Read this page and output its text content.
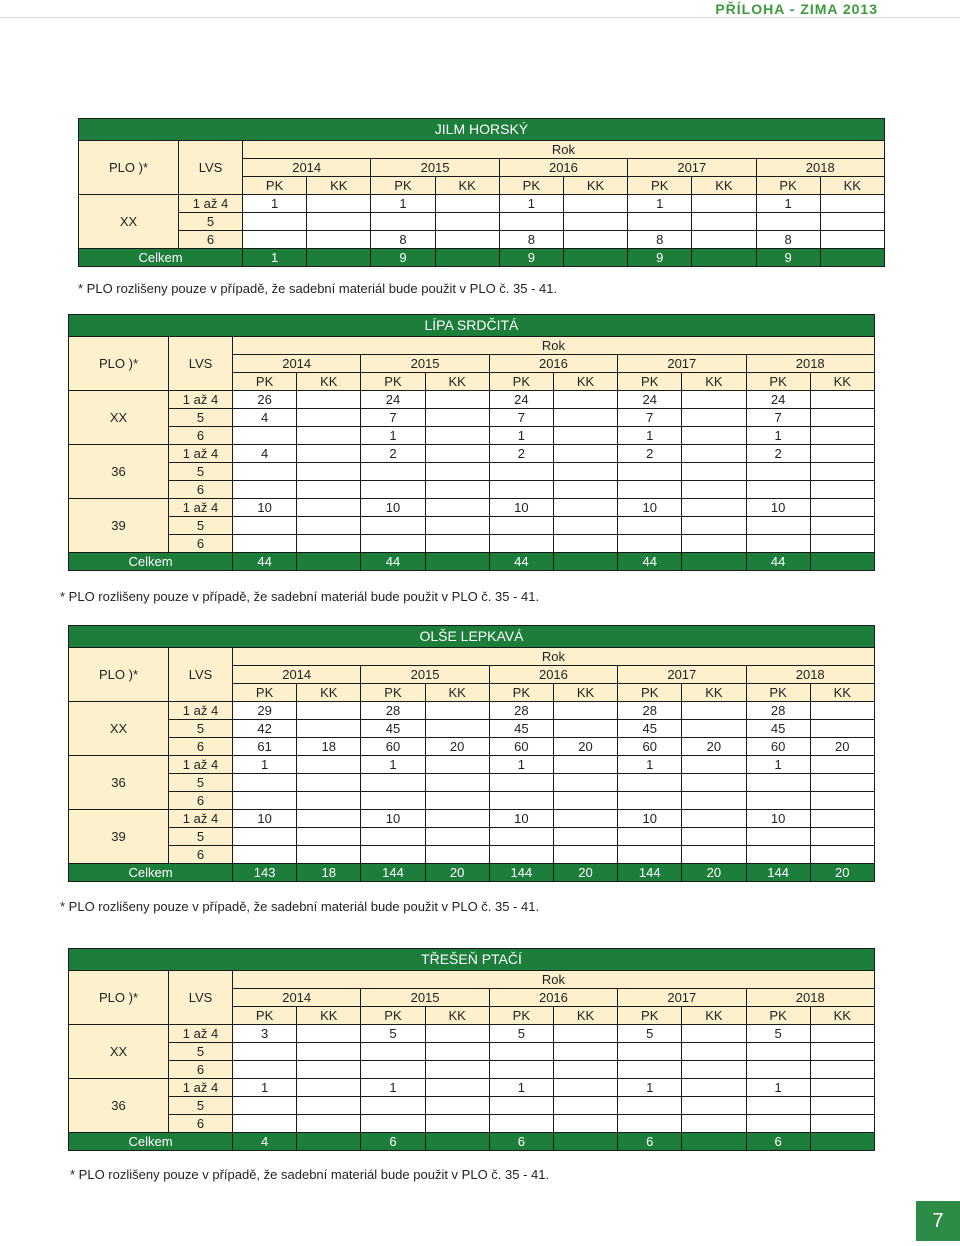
PŘÍLOHA - ZIMA 2013
JILM HORSKÝ											
PLO )*	LVS	Rok									
		2014		2015		2016		2017		2018	
		PK	KK	PK	KK	PK	KK	PK	KK	PK	KK
XX	1 až 4	1		1		1		1		1	
	5										
	6			8		8		8		8	
Celkem		1		9		9		9		9	
* PLO rozlišeny pouze v případě, že sadební materiál bude použit v PLO č. 35 - 41.
LÍPA SRDČITÁ											
PLO )*	LVS	Rok									
		2014		2015		2016		2017		2018	
		PK	KK	PK	KK	PK	KK	PK	KK	PK	KK
XX	1 až 4	26		24		24		24		24	
	5	4		7		7		7		7	
	6			1		1		1		1	
36	1 až 4	4		2		2		2		2	
	5										
	6										
39	1 až 4	10		10		10		10		10	
	5										
	6										
Celkem		44		44		44		44		44	
* PLO rozlišeny pouze v případě, že sadební materiál bude použit v PLO č. 35 - 41.
OLŠE LEPKAVÁ											
PLO )*	LVS	Rok									
		2014		2015		2016		2017		2018	
		PK	KK	PK	KK	PK	KK	PK	KK	PK	KK
XX	1 až 4	29		28		28		28		28	
	5	42		45		45		45		45	
	6	61	18	60	20	60	20	60	20	60	20
36	1 až 4	1		1		1		1		1	
	5										
	6										
39	1 až 4	10		10		10		10		10	
	5										
	6										
Celkem		143	18	144	20	144	20	144	20	144	20
* PLO rozlišeny pouze v případě, že sadební materiál bude použit v PLO č. 35 - 41.
TŘEŠEŇ PTAČÍ											
PLO )*	LVS	Rok									
		2014		2015		2016		2017		2018	
		PK	KK	PK	KK	PK	KK	PK	KK	PK	KK
XX	1 až 4	3		5		5		5		5	
	5										
	6										
36	1 až 4	1		1		1		1		1	
	5										
	6										
Celkem		4		6		6		6		6	
* PLO rozlišeny pouze v případě, že sadební materiál bude použit v PLO č. 35 - 41.
7
